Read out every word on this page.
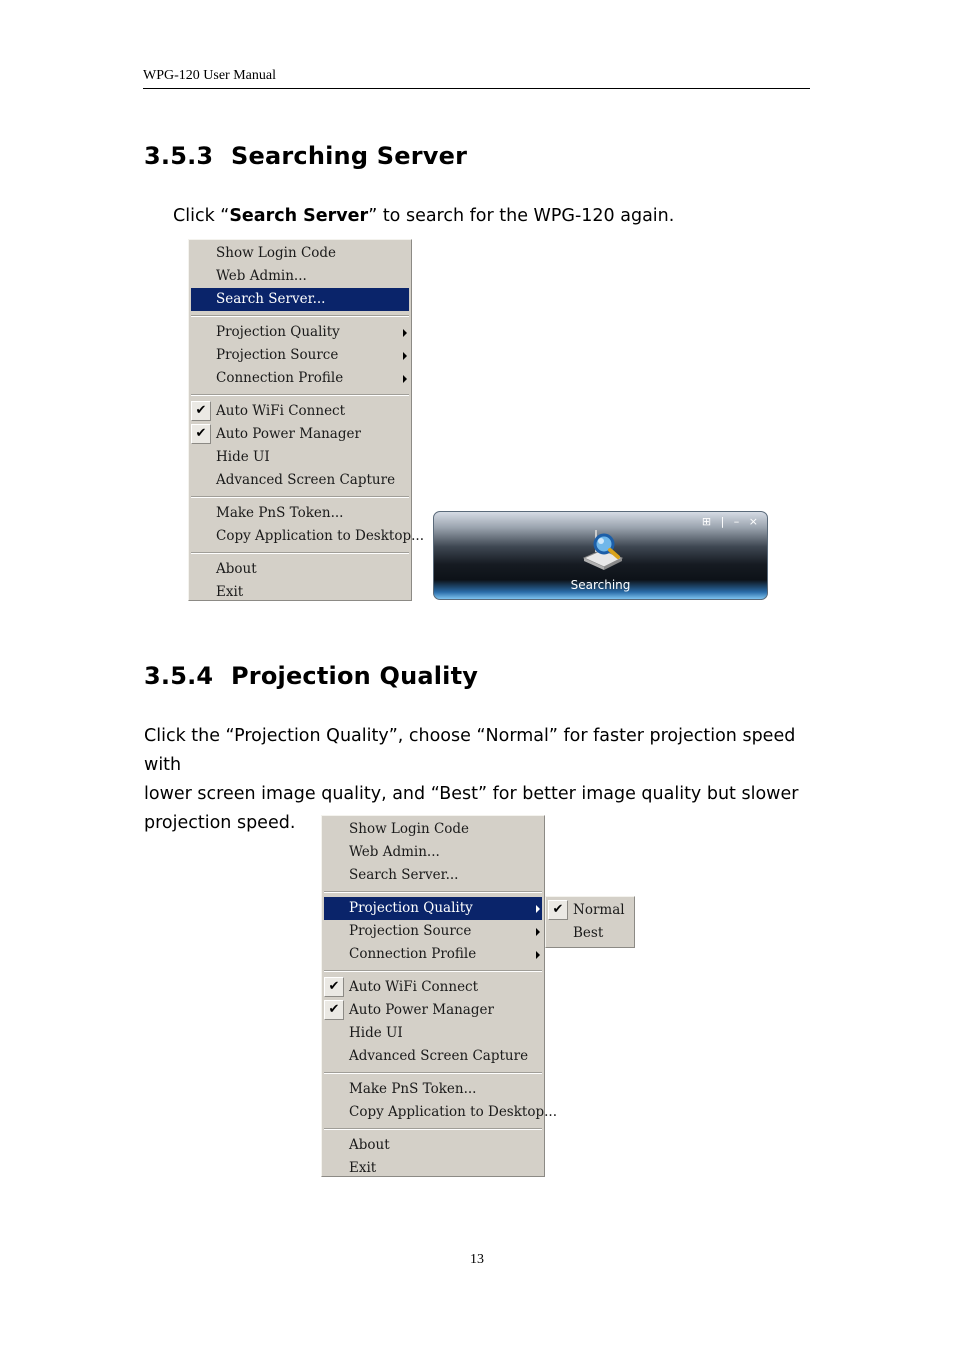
WPG-120 User Manual
3.5.3 Searching Server

Click “Search Server” to search for the WPG-120 again.

Show Login Code
Web Admin...
Search Server...
Projection Quality
Projection Source
Connection Profile
✔ Auto WiFi Connect
✔ Auto Power Manager
Hide UI
Advanced Screen Capture
Make PnS Token...
Copy Application to Desktop...
About
Exit
⊞ | – ×
Searching
3.5.4 Projection Quality
Click the “Projection Quality”, choose “Normal” for faster projection speed with
lower screen image quality, and “Best” for better image quality but slower
projection speed.	Show Login Code
Web Admin...
Search Server...
Projection Quality
Projection Source
Connection Profile
✔ Auto WiFi Connect
✔ Auto Power Manager
Hide UI
Advanced Screen Capture
Make PnS Token...
Copy Application to Desktop...
About
Exit
✔ Normal
Best
13
